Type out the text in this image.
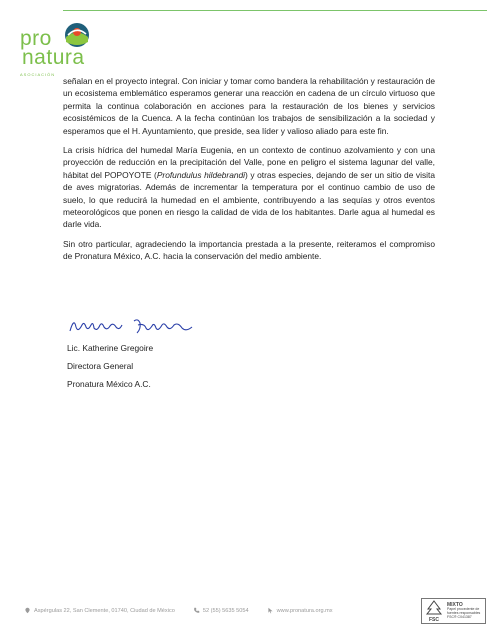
pro
natura
ASOCIACIÓN

señalan en el proyecto integral. Con iniciar y tomar como bandera la rehabilitación y restauración de un ecosistema emblemático esperamos generar una reacción en cadena de un círculo virtuoso que permita la continua colaboración en acciones para la restauración de los bienes y servicios ecosistémicos de la Cuenca. A la fecha continúan los trabajos de sensibilización a la sociedad y esperamos que el H. Ayuntamiento, que preside, sea líder y valioso aliado para este fin.

La crisis hídrica del humedal María Eugenia, en un contexto de continuo azolvamiento y con una proyección de reducción en la precipitación del Valle, pone en peligro el sistema lagunar del valle, hábitat del POPOYOTE (Profundulus hildebrandi) y otras especies, dejando de ser un sitio de visita de aves migratorias. Además de incrementar la temperatura por el continuo cambio de uso de suelo, lo que reducirá la humedad en el ambiente, contribuyendo a las sequías y otros eventos meteorológicos que ponen en riesgo la calidad de vida de los habitantes. Darle agua al humedal es darle vida.

Sin otro particular, agradeciendo la importancia prestada a la presente, reiteramos el compromiso de Pronatura México, A.C. hacia la conservación del medio ambiente.

Lic. Katherine Gregoire
Directora General
Pronatura México A.C.
Aspérgulas 22, San Clemente, 01740, Ciudad de México	52 (55) 5635 5054	www.pronatura.org.mx
FSC
MIXTO
Papel procedente de
fuentes responsables
FSC® C041387
